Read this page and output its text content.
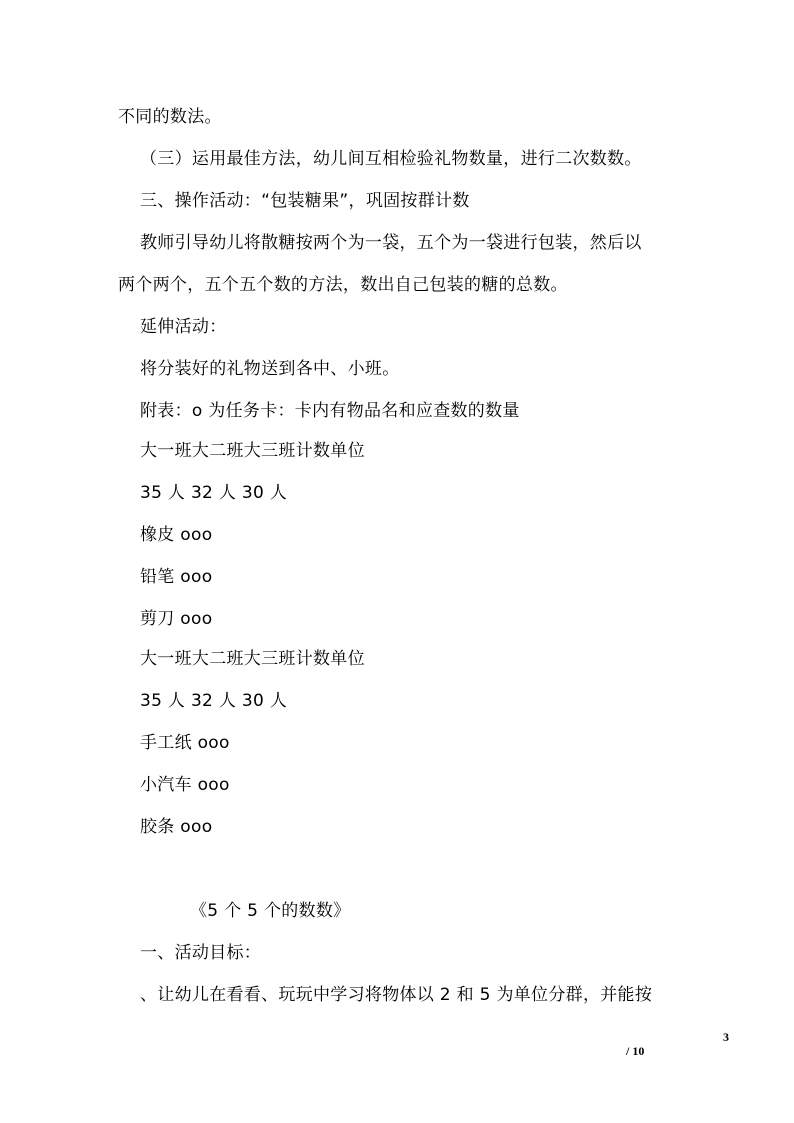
不同的数法。
（三）运用最佳方法，幼儿间互相检验礼物数量，进行二次数数。
三、操作活动：“包装糖果”，巩固按群计数
教师引导幼儿将散糖按两个为一袋，五个为一袋进行包装，然后以
两个两个，五个五个数的方法，数出自己包装的糖的总数。
延伸活动：
将分装好的礼物送到各中、小班。
附表：o 为任务卡：卡内有物品名和应查数的数量
大一班大二班大三班计数单位
35 人 32 人 30 人
橡皮 ooo
铅笔 ooo
剪刀 ooo
大一班大二班大三班计数单位
35 人 32 人 30 人
手工纸 ooo
小汽车 ooo
胶条 ooo
《5 个 5 个的数数》
一、活动目标：
、让幼儿在看看、玩玩中学习将物体以 2 和 5 为单位分群，并能按
3
/ 10
